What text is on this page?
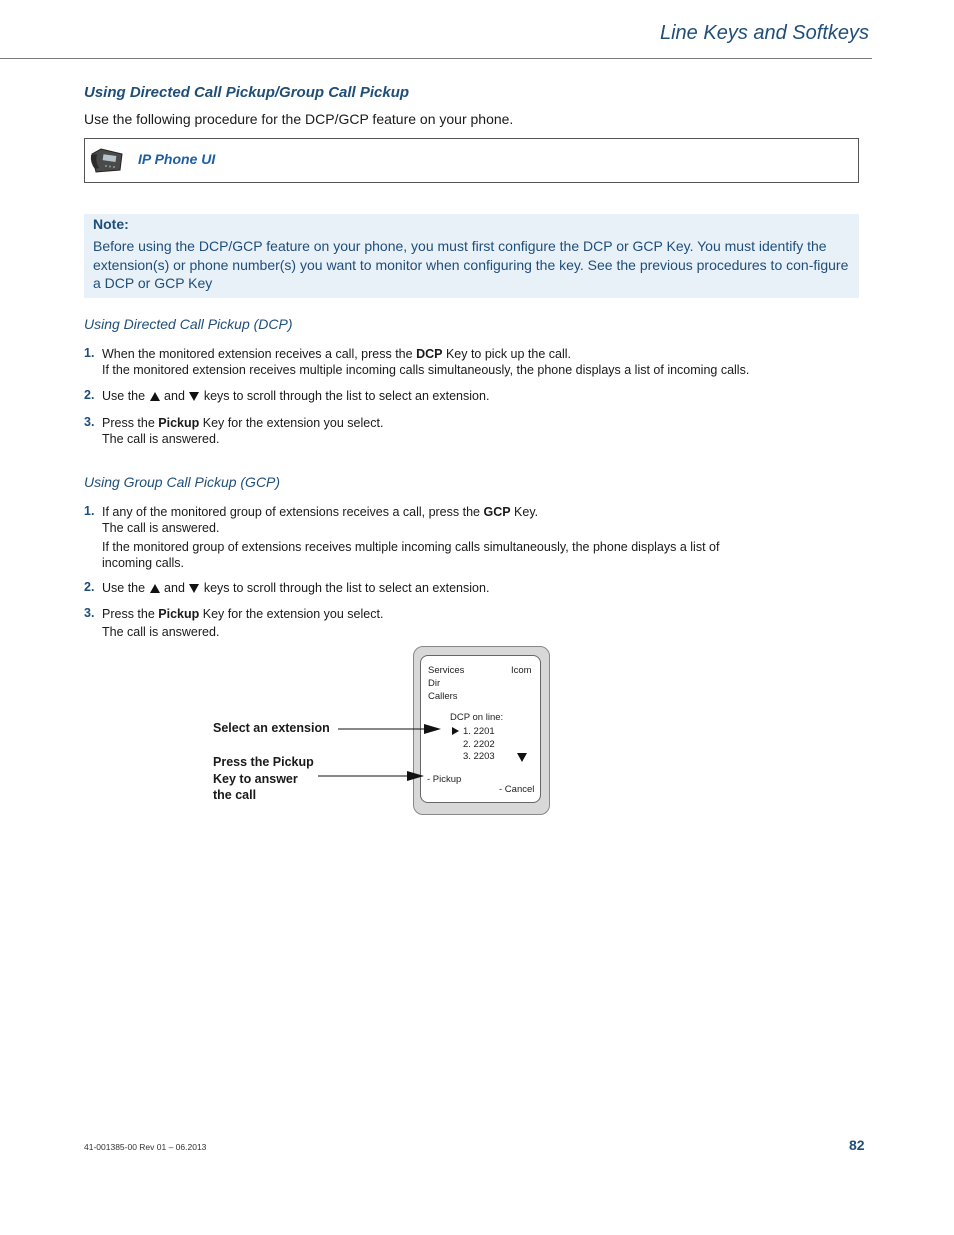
Line Keys and Softkeys
Using Directed Call Pickup/Group Call Pickup
Use the following procedure for the DCP/GCP feature on your phone.
IP Phone UI
Note:
Before using the DCP/GCP feature on your phone, you must first configure the DCP or GCP Key. You must identify the extension(s) or phone number(s) you want to monitor when configuring the key. See the previous procedures to con-figure a DCP or GCP Key
Using Directed Call Pickup (DCP)
1. When the monitored extension receives a call, press the DCP Key to pick up the call.
If the monitored extension receives multiple incoming calls simultaneously, the phone displays a list of incoming calls.
2. Use the  and  keys to scroll through the list to select an extension.
3. Press the Pickup Key for the extension you select.
The call is answered.
Using Group Call Pickup (GCP)
1. If any of the monitored group of extensions receives a call, press the GCP Key.
The call is answered.
If the monitored group of extensions receives multiple incoming calls simultaneously, the phone displays a list of incoming calls.
2. Use the  and  keys to scroll through the list to select an extension.
3. Press the Pickup Key for the extension you select.
The call is answered.
Services
Dir
Callers
Icom
DCP on line:
1. 2201
2. 2202
3. 2203
- Pickup
- Cancel
Select an extension
Press the Pickup
Key to answer
the call
41-001385-00 Rev 01 – 06.2013	82
